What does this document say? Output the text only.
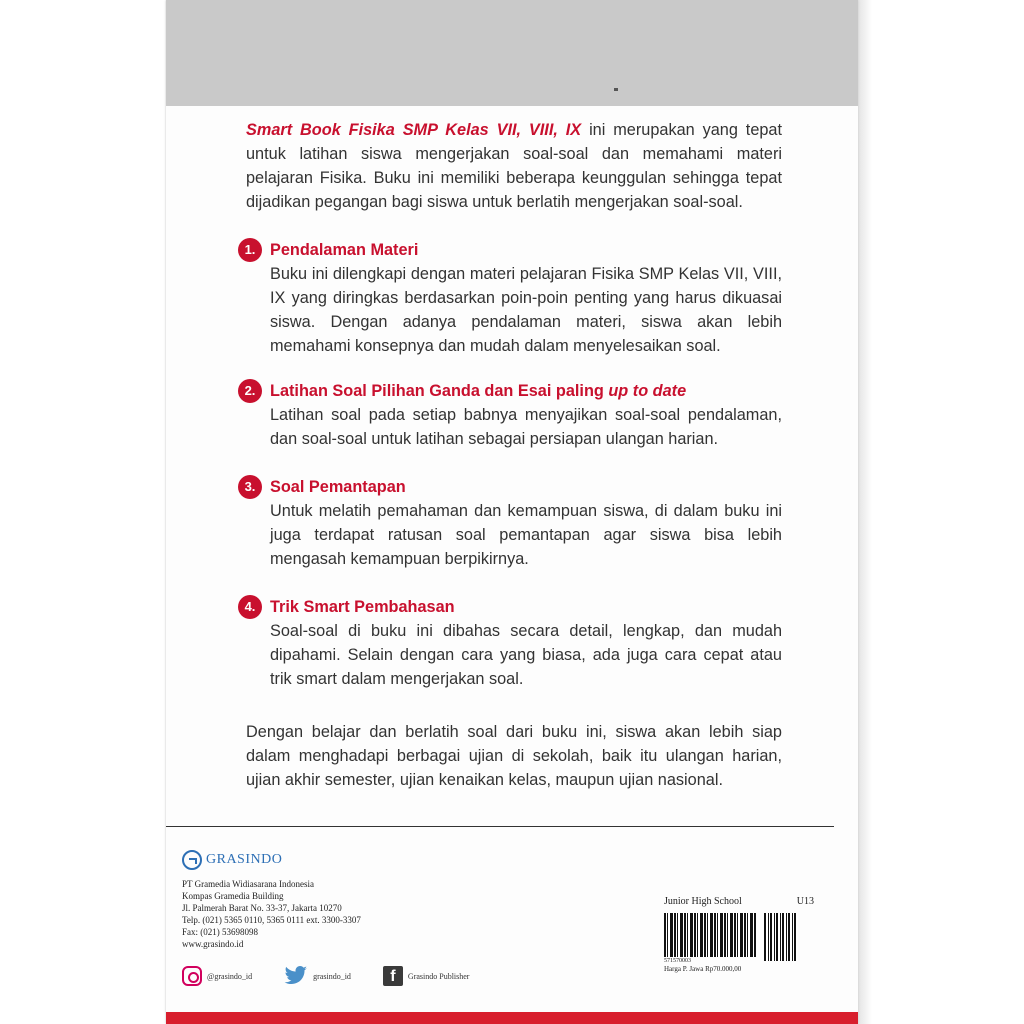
Smart Book Fisika SMP Kelas VII, VIII, IX ini merupakan yang tepat untuk latihan siswa mengerjakan soal-soal dan memahami materi pelajaran Fisika. Buku ini memiliki beberapa keunggulan sehingga tepat dijadikan pegangan bagi siswa untuk berlatih mengerjakan soal-soal.

1. Pendalaman Materi
Buku ini dilengkapi dengan materi pelajaran Fisika SMP Kelas VII, VIII, IX yang diringkas berdasarkan poin-poin penting yang harus dikuasai siswa. Dengan adanya pendalaman materi, siswa akan lebih memahami konsepnya dan mudah dalam menyelesaikan soal.
2. Latihan Soal Pilihan Ganda dan Esai paling up to date
Latihan soal pada setiap babnya menyajikan soal-soal pendalaman, dan soal-soal untuk latihan sebagai persiapan ulangan harian.
3. Soal Pemantapan
Untuk melatih pemahaman dan kemampuan siswa, di dalam buku ini juga terdapat ratusan soal pemantapan agar siswa bisa lebih mengasah kemampuan berpikirnya.
4. Trik Smart Pembahasan
Soal-soal di buku ini dibahas secara detail, lengkap, dan mudah dipahami. Selain dengan cara yang biasa, ada juga cara cepat atau trik smart dalam mengerjakan soal.

Dengan belajar dan berlatih soal dari buku ini, siswa akan lebih siap dalam menghadapi berbagai ujian di sekolah, baik itu ulangan harian, ujian akhir semester, ujian kenaikan kelas, maupun ujian nasional.

GRASINDO
PT Gramedia Widiasarana Indonesia
Kompas Gramedia Building
Jl. Palmerah Barat No. 33-37, Jakarta 10270
Telp. (021) 5365 0110, 5365 0111 ext. 3300-3307
Fax: (021) 53698098
www.grasindo.id
@grasindo_id	grasindo_id	f	Grasindo Publisher
Junior High School	U13
571570003
Harga P. Jawa Rp70.000,00
